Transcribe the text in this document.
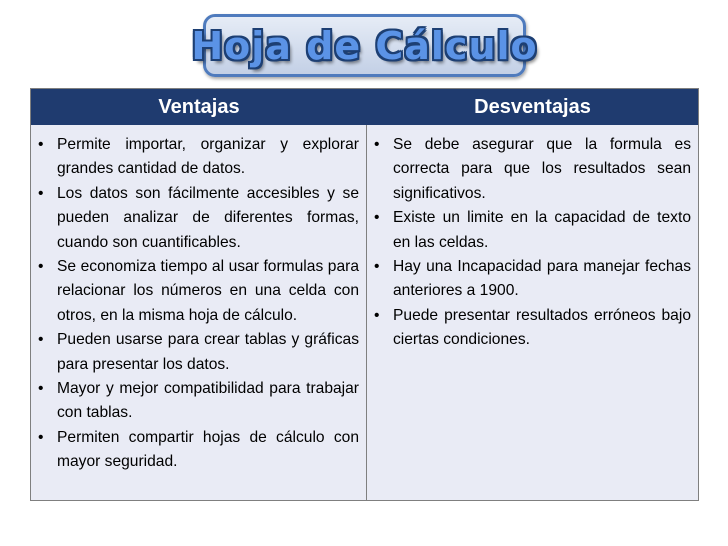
Hoja de Cálculo
Ventajas	Desventajas
• Permite importar, organizar y explorar grandes cantidad de datos.
• Los datos son fácilmente accesibles y se pueden analizar de diferentes formas, cuando son cuantificables.
• Se economiza tiempo al usar formulas para relacionar los números en una celda con otros, en la misma hoja de cálculo.
• Pueden usarse para crear tablas y gráficas para presentar los datos.
• Mayor y mejor compatibilidad para trabajar con tablas.
• Permiten compartir hojas de cálculo con mayor seguridad.
• Se debe asegurar que la formula es correcta para que los resultados sean significativos.
• Existe un limite en la capacidad de texto en las celdas.
• Hay una Incapacidad para manejar fechas anteriores a 1900.
• Puede presentar resultados erróneos bajo ciertas condiciones.
